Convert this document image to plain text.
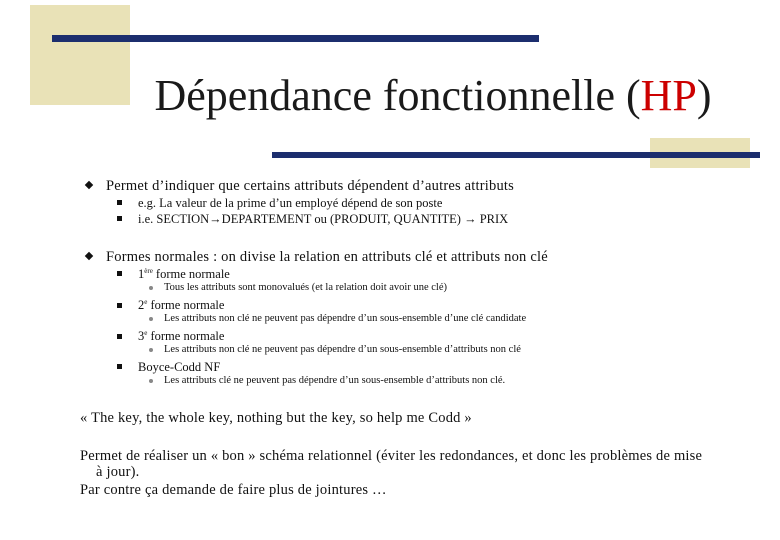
Dépendance fonctionnelle (HP)
Permet d’indiquer que certains attributs dépendent d’autres attributs
e.g. La valeur de la prime d’un employé dépend de son poste
i.e. SECTION→DEPARTEMENT ou (PRODUIT, QUANTITE) → PRIX
Formes normales : on divise la relation en attributs clé et attributs non clé
1ère forme normale
Tous les attributs sont monovalués (et la relation doit avoir une clé)
2e forme normale
Les attributs non clé ne peuvent pas dépendre d’un sous-ensemble d’une clé candidate
3e forme normale
Les attributs non clé ne peuvent pas dépendre d’un sous-ensemble d’attributs non clé
Boyce-Codd NF
Les attributs clé ne peuvent pas dépendre d’un sous-ensemble d’attributs non clé.
« The key, the whole key, nothing but the key, so help me Codd »
Permet de réaliser un « bon » schéma relationnel (éviter les redondances, et donc les problèmes de mise
à jour).
Par contre ça demande de faire plus de jointures …
